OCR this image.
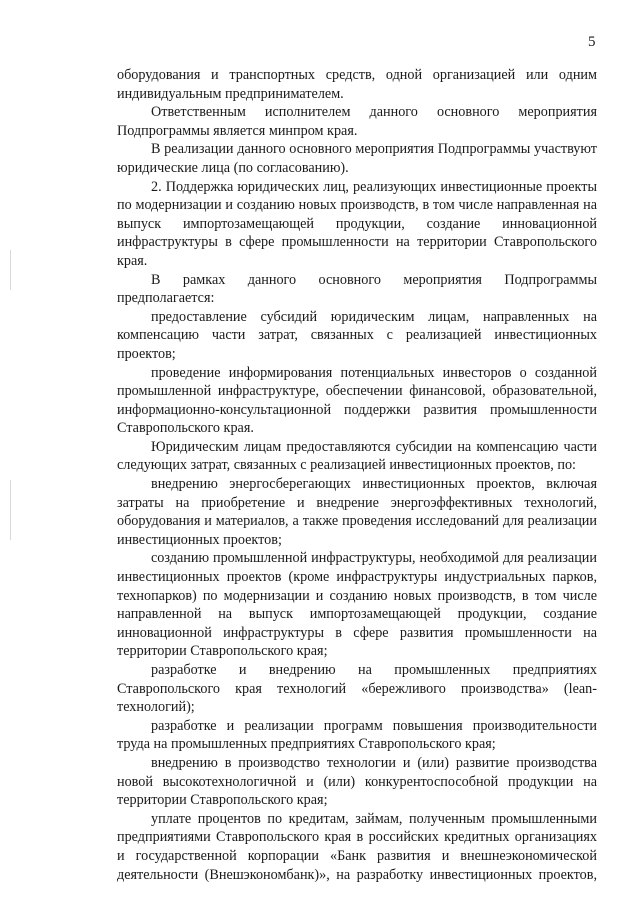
5

оборудования и транспортных средств, одной организацией или одним индивидуальным предпринимателем.

Ответственным исполнителем данного основного мероприятия Подпрограммы является минпром края.

В реализации данного основного мероприятия Подпрограммы участвуют юридические лица (по согласованию).

2. Поддержка юридических лиц, реализующих инвестиционные проекты по модернизации и созданию новых производств, в том числе направленная на выпуск импортозамещающей продукции, создание инновационной инфраструктуры в сфере промышленности на территории Ставропольского края.

В рамках данного основного мероприятия Подпрограммы предполагается:

предоставление субсидий юридическим лицам, направленных на компенсацию части затрат, связанных с реализацией инвестиционных проектов;

проведение информирования потенциальных инвесторов о созданной промышленной инфраструктуре, обеспечении финансовой, образовательной, информационно-консультационной поддержки развития промышленности Ставропольского края.

Юридическим лицам предоставляются субсидии на компенсацию части следующих затрат, связанных с реализацией инвестиционных проектов, по:

внедрению энергосберегающих инвестиционных проектов, включая затраты на приобретение и внедрение энергоэффективных технологий, оборудования и материалов, а также проведения исследований для реализации инвестиционных проектов;

созданию промышленной инфраструктуры, необходимой для реализации инвестиционных проектов (кроме инфраструктуры индустриальных парков, технопарков) по модернизации и созданию новых производств, в том числе направленной на выпуск импортозамещающей продукции, создание инновационной инфраструктуры в сфере развития промышленности на территории Ставропольского края;

разработке и внедрению на промышленных предприятиях Ставропольского края технологий «бережливого производства» (lean-технологий);

разработке и реализации программ повышения производительности труда на промышленных предприятиях Ставропольского края;

внедрению в производство технологии и (или) развитие производства новой высокотехнологичной и (или) конкурентоспособной продукции на территории Ставропольского края;

уплате процентов по кредитам, займам, полученным промышленными предприятиями Ставропольского края в российских кредитных организациях и государственной корпорации «Банк развития и внешнеэкономической деятельности (Внешэкономбанк)», на разработку инвестиционных проектов,
